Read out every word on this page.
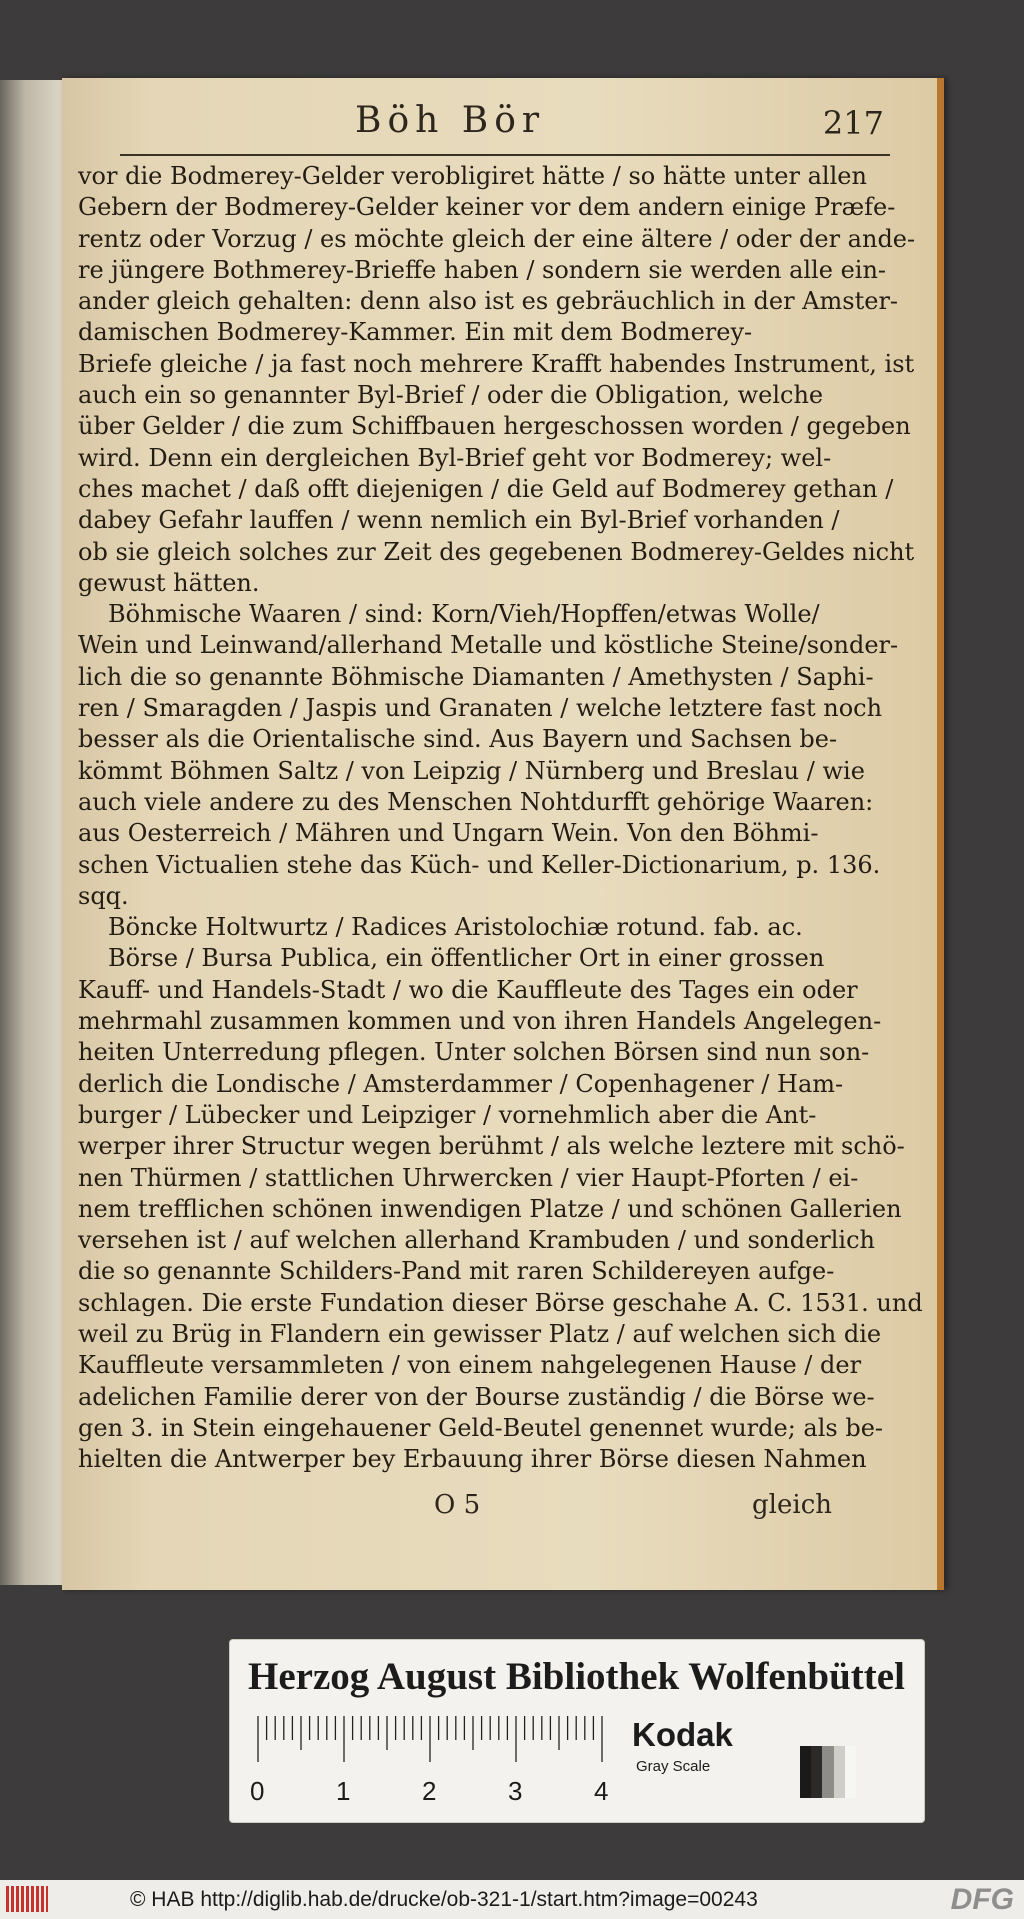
Böh Bör	217
vor die Bodmerey-Gelder verobligiret hätte / so hätte unter allen
Gebern der Bodmerey-Gelder keiner vor dem andern einige Præfe-
rentz oder Vorzug / es möchte gleich der eine ältere / oder der ande-
re jüngere Bothmerey-Brieffe haben / sondern sie werden alle ein-
ander gleich gehalten: denn also ist es gebräuchlich in der Amster-
damischen Bodmerey-Kammer. Ein mit dem Bodmerey-
Briefe gleiche / ja fast noch mehrere Krafft habendes Instrument, ist
auch ein so genannter Byl-Brief / oder die Obligation, welche
über Gelder / die zum Schiffbauen hergeschossen worden / gegeben
wird. Denn ein dergleichen Byl-Brief geht vor Bodmerey; wel-
ches machet / daß offt diejenigen / die Geld auf Bodmerey gethan /
dabey Gefahr lauffen / wenn nemlich ein Byl-Brief vorhanden /
ob sie gleich solches zur Zeit des gegebenen Bodmerey-Geldes nicht
gewust hätten.
Böhmische Waaren / sind: Korn/Vieh/Hopffen/etwas Wolle/
Wein und Leinwand/allerhand Metalle und köstliche Steine/sonder-
lich die so genannte Böhmische Diamanten / Amethysten / Saphi-
ren / Smaragden / Jaspis und Granaten / welche letztere fast noch
besser als die Orientalische sind. Aus Bayern und Sachsen be-
kömmt Böhmen Saltz / von Leipzig / Nürnberg und Breslau / wie
auch viele andere zu des Menschen Nohtdurfft gehörige Waaren:
aus Oesterreich / Mähren und Ungarn Wein. Von den Böhmi-
schen Victualien stehe das Küch- und Keller-Dictionarium, p. 136.
sqq.
Böncke Holtwurtz / Radices Aristolochiæ rotund. fab. ac.
Börse / Bursa Publica, ein öffentlicher Ort in einer grossen
Kauff- und Handels-Stadt / wo die Kauffleute des Tages ein oder
mehrmahl zusammen kommen und von ihren Handels Angelegen-
heiten Unterredung pflegen. Unter solchen Börsen sind nun son-
derlich die Londische / Amsterdammer / Copenhagener / Ham-
burger / Lübecker und Leipziger / vornehmlich aber die Ant-
werper ihrer Structur wegen berühmt / als welche leztere mit schö-
nen Thürmen / stattlichen Uhrwercken / vier Haupt-Pforten / ei-
nem trefflichen schönen inwendigen Platze / und schönen Gallerien
versehen ist / auf welchen allerhand Krambuden / und sonderlich
die so genannte Schilders-Pand mit raren Schildereyen aufge-
schlagen. Die erste Fundation dieser Börse geschahe A. C. 1531. und
weil zu Brüg in Flandern ein gewisser Platz / auf welchen sich die
Kauffleute versammleten / von einem nahgelegenen Hause / der
adelichen Familie derer von der Bourse zuständig / die Börse we-
gen 3. in Stein eingehauener Geld-Beutel genennet wurde; als be-
hielten die Antwerper bey Erbauung ihrer Börse diesen Nahmen
O 5	gleich
Herzog August Bibliothek Wolfenbüttel
0	1	2	3	4
Kodak
Gray Scale
© HAB http://diglib.hab.de/drucke/ob-321-1/start.htm?image=00243	DFG
